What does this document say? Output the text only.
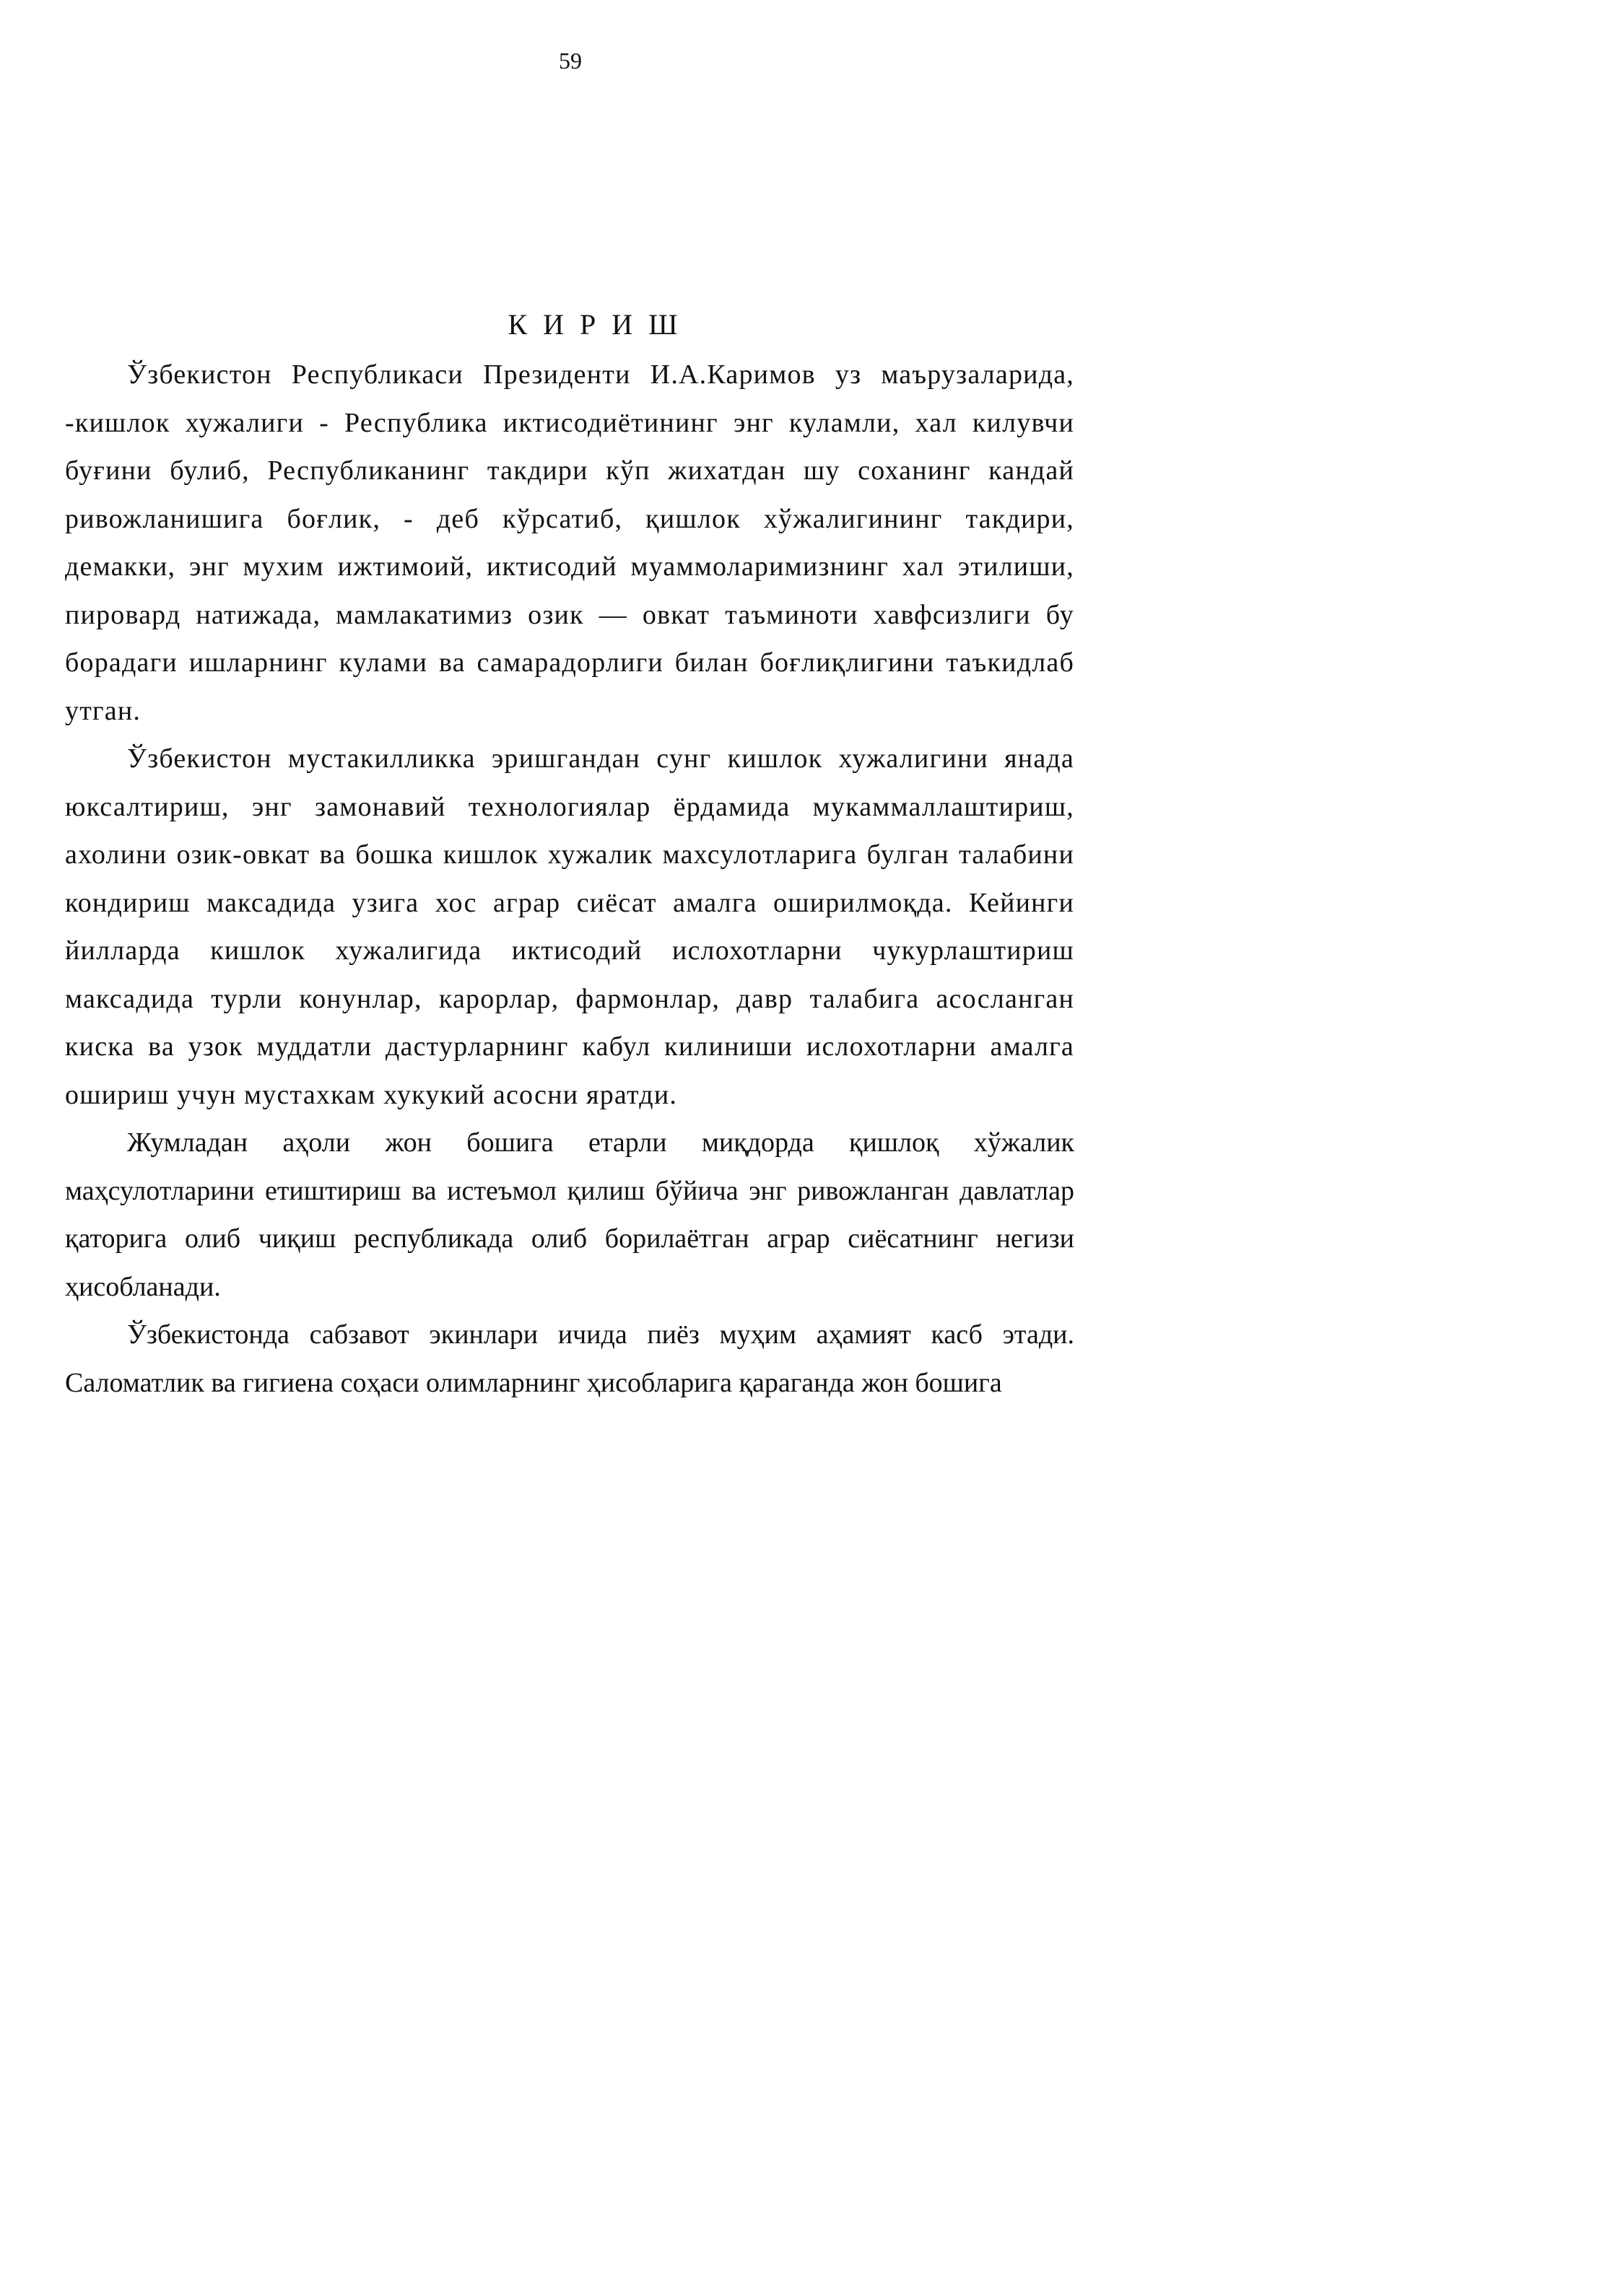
59
К И Р И Ш

Ўзбекистон Республикаси Президенти И.А.Каримов уз маърузаларида, -кишлок хужалиги - Республика иктисодиётининг энг куламли, хал килувчи буғини булиб, Республиканинг такдири кўп жихатдан шу соханинг кандай ривожланишига боғлик, - деб кўрсатиб, қишлок хўжалигининг такдири, демакки, энг мухим ижтимоий, иктисодий муаммоларимизнинг хал этилиши, пировард натижада, мамлакатимиз озик — овкат таъминоти хавфсизлиги бу борадаги ишларнинг кулами ва самарадорлиги билан боғлиқлигини таъкидлаб утган.

Ўзбекистон мустакилликка эришгандан сунг кишлок хужалигини янада юксалтириш, энг замонавий технологиялар ёрдамида мукаммаллаштириш, ахолини озик-овкат ва бошка кишлок хужалик махсулотларига булган талабини кондириш максадида узига хос аграр сиёсат амалга оширилмоқда. Кейинги йилларда кишлок хужалигида иктисодий ислохотларни чукурлаштириш максадида турли конунлар, карорлар, фармонлар, давр талабига асосланган киска ва узок муддатли дастурларнинг кабул килиниши ислохотларни амалга ошириш учун мустахкам хукукий асосни яратди.

Жумладан аҳоли жон бошига етарли миқдорда қишлоқ хўжалик маҳсулотларини етиштириш ва истеъмол қилиш бўйича энг ривожланган давлатлар қаторига олиб чиқиш республикада олиб борилаётган аграр сиёсатнинг негизи ҳисобланади.

Ўзбекистонда сабзавот экинлари ичида пиёз муҳим аҳамият касб этади. Саломатлик ва гигиена соҳаси олимларнинг ҳисобларига қараганда жон бошига
